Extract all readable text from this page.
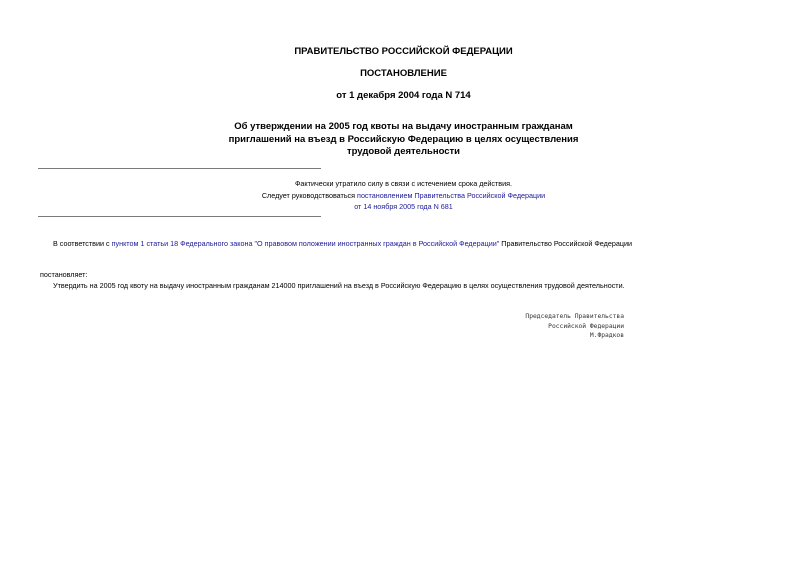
ПРАВИТЕЛЬСТВО РОССИЙСКОЙ ФЕДЕРАЦИИ
ПОСТАНОВЛЕНИЕ
от 1 декабря 2004 года N 714
Об утверждении на 2005 год квоты на выдачу иностранным гражданам
приглашений на въезд в Российскую Федерацию в целях осуществления
трудовой деятельности
Фактически утратило силу в связи с истечением срока действия.
Следует руководствоваться постановлением Правительства Российской Федерации
от 14 ноября 2005 года N 681
В соответствии с пунктом 1 статьи 18 Федерального закона "О правовом положении иностранных граждан в Российской Федерации" Правительство Российской Федерации
постановляет:
Утвердить на 2005 год квоту на выдачу иностранным гражданам 214000 приглашений на въезд в Российскую Федерацию в целях осуществления трудовой деятельности.
Председатель Правительства
Российской Федерации
М.Фрадков
